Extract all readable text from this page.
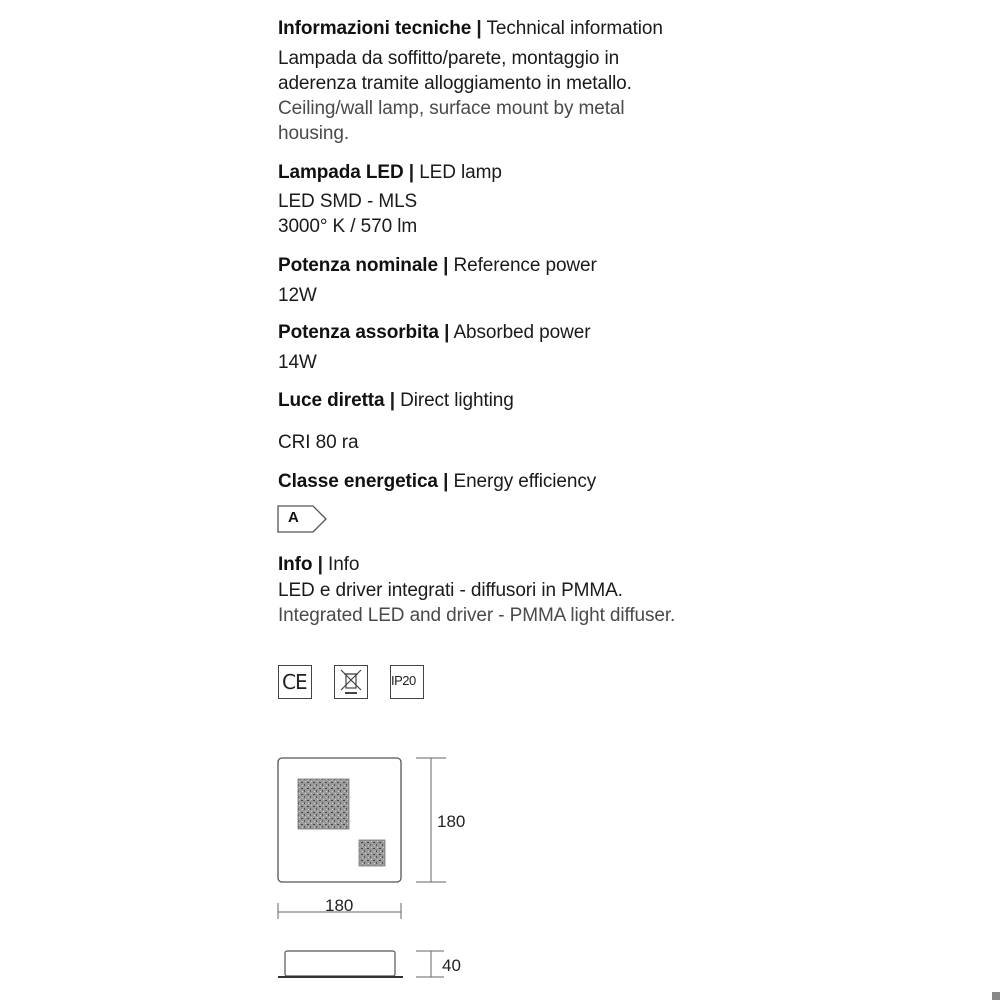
Informazioni tecniche | Technical information
Lampada da soffitto/parete, montaggio in
aderenza tramite alloggiamento in metallo.
Ceiling/wall lamp, surface mount by metal
housing.
Lampada LED | LED lamp
LED SMD - MLS
3000° K / 570 lm
Potenza nominale | Reference power
12W
Potenza assorbita | Absorbed power
14W
Luce diretta | Direct lighting
CRI 80 ra
Classe energetica | Energy efficiency
A
Info | Info
LED e driver integrati - diffusori in PMMA.
Integrated LED and driver - PMMA light diffuser.
CE	IP20
180
180
40
